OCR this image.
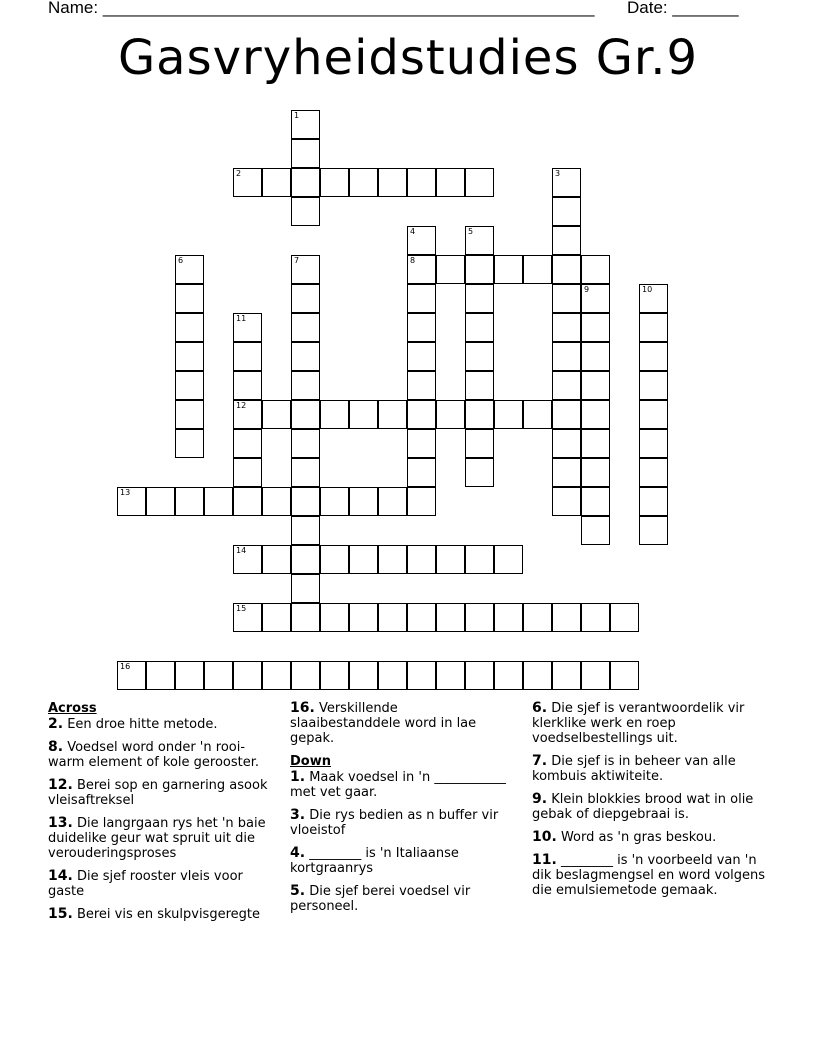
Name: ____________________________________________________ Date: _______
Gasvryheidstudies Gr.9
1
2	3
4
8
5
6	7
9	10
11
12
13
14
15
16
Across
2. Een droe hitte metode.
8. Voedsel word onder 'n rooi-warm element of kole gerooster.
12. Berei sop en garnering asook vleisaftreksel
13. Die langrgaan rys het 'n baie duidelike geur wat spruit uit die verouderingsproses
14. Die sjef rooster vleis voor gaste
15. Berei vis en skulpvisgeregte
16. Verskillende slaaibestanddele word in lae gepak.
Down
1. Maak voedsel in 'n ___________ met vet gaar.
3. Die rys bedien as n buffer vir vloeistof
4. ________ is 'n Italiaanse kortgraanrys
5. Die sjef berei voedsel vir personeel.
6. Die sjef is verantwoordelik vir klerklike werk en roep voedselbestellings uit.
7. Die sjef is in beheer van alle kombuis aktiwiteite.
9. Klein blokkies brood wat in olie gebak of diepgebraai is.
10. Word as 'n gras beskou.
11. ________ is 'n voorbeeld van 'n dik beslagmengsel en word volgens die emulsiemetode gemaak.
